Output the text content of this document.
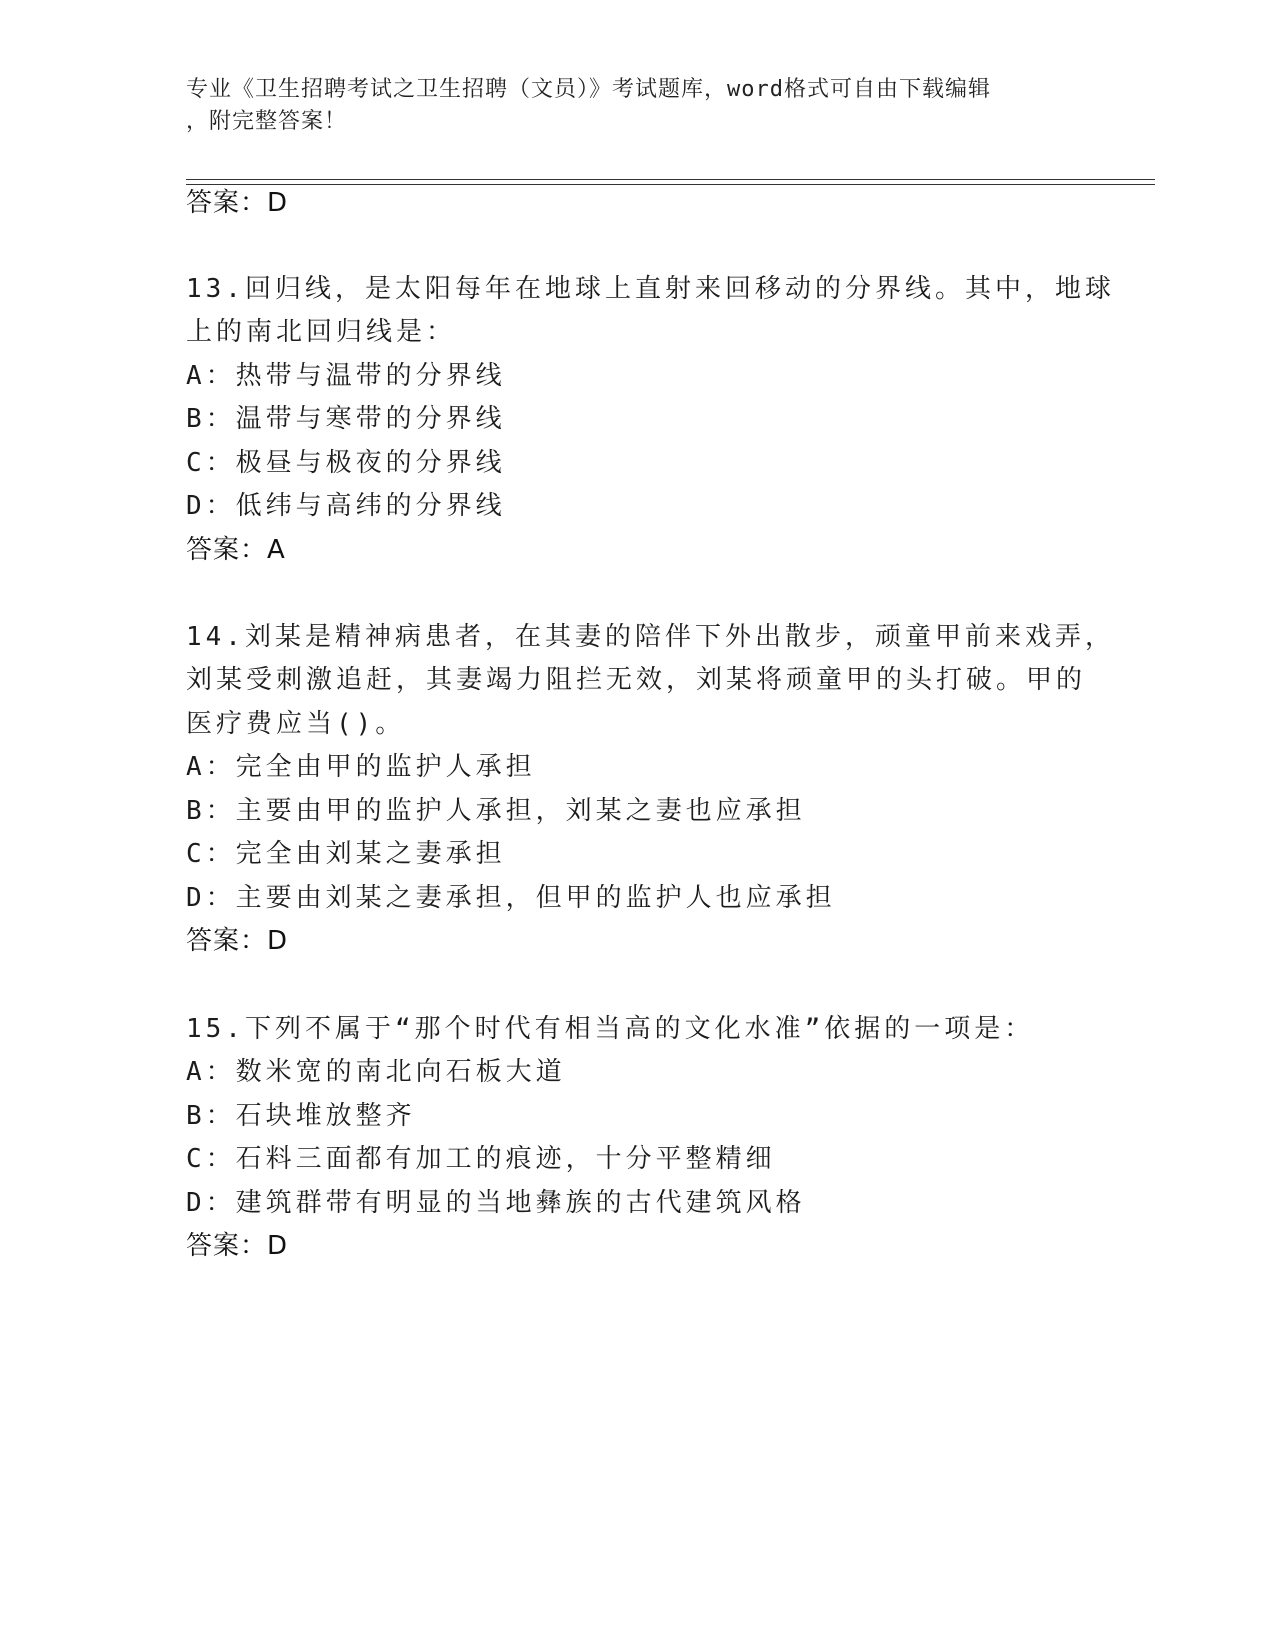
专业《卫生招聘考试之卫生招聘（文员）》考试题库，word格式可自由下载编辑
，附完整答案！
答案：D
13.回归线，是太阳每年在地球上直射来回移动的分界线。其中，地球
上的南北回归线是：
A：热带与温带的分界线
B：温带与寒带的分界线
C：极昼与极夜的分界线
D：低纬与高纬的分界线
答案：A
14.刘某是精神病患者，在其妻的陪伴下外出散步，顽童甲前来戏弄，
刘某受刺激追赶，其妻竭力阻拦无效，刘某将顽童甲的头打破。甲的
医疗费应当()。
A：完全由甲的监护人承担
B：主要由甲的监护人承担，刘某之妻也应承担
C：完全由刘某之妻承担
D：主要由刘某之妻承担，但甲的监护人也应承担
答案：D
15.下列不属于“那个时代有相当高的文化水准”依据的一项是：
A：数米宽的南北向石板大道
B：石块堆放整齐
C：石料三面都有加工的痕迹，十分平整精细
D：建筑群带有明显的当地彝族的古代建筑风格
答案：D
